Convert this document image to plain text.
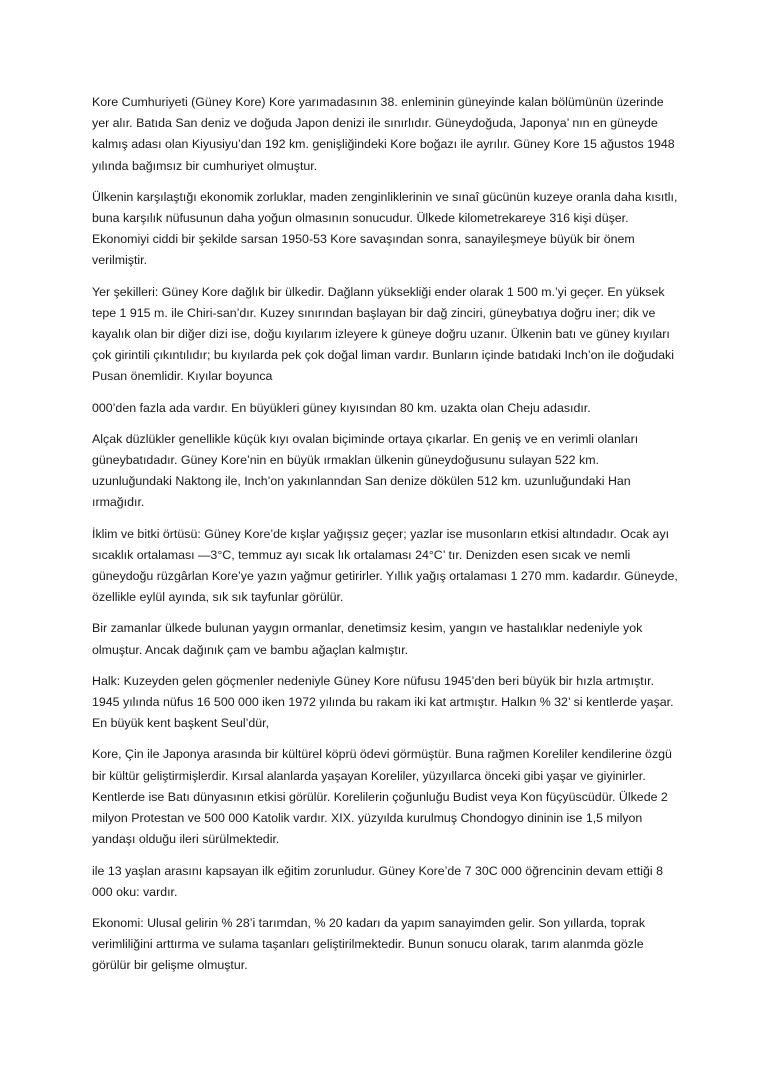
Kore Cumhuriyeti (Güney Kore) Kore yarımadasının 38. enleminin güneyinde kalan bölümünün üzerinde yer alır. Batıda San deniz ve doğuda Japon denizi ile sınırlıdır. Güneydoğuda, Japonya’ nın en güneyde kalmış adası olan Kiyusiyu’dan 192 km. genişliğindeki Kore boğazı ile ayrılır. Güney Kore 15 ağustos 1948 yılında bağımsız bir cumhuriyet olmuştur.

Ülkenin karşılaştığı ekonomik zorluklar, maden zenginliklerinin ve sınaî gücünün kuzeye oranla daha kısıtlı, buna karşılık nüfusunun daha yoğun olmasının sonucudur. Ülkede kilometrekareye 316 kişi düşer. Ekonomiyi ciddi bir şekilde sarsan 1950-53 Kore savaşından sonra, sanayileşmeye büyük bir önem verilmiştir.

Yer şekilleri: Güney Kore dağlık bir ülkedir. Dağlann yüksekliği ender olarak 1 500 m.’yi geçer. En yüksek tepe 1 915 m. ile Chiri-san’dır. Kuzey sınırından başlayan bir dağ zinciri, güneybatıya doğru iner; dik ve kayalık olan bir diğer dizi ise, doğu kıyılarım izleyere k güneye doğru uzanır. Ülkenin batı ve güney kıyıları çok girintili çıkıntılıdır; bu kıyılarda pek çok doğal liman vardır. Bunların içinde batıdaki Inch’on ile doğudaki Pusan önemlidir. Kıyılar boyunca

000’den fazla ada vardır. En büyükleri güney kıyısından 80 km. uzakta olan Cheju adasıdır.

Alçak düzlükler genellikle küçük kıyı ovalan biçiminde ortaya çıkarlar. En geniş ve en verimli olanları güneybatıdadır. Güney Kore’nin en büyük ırmaklan ülkenin güneydoğusunu sulayan 522 km. uzunluğundaki Naktong ile, Inch’on yakınlanndan San denize dökülen 512 km. uzunluğundaki Han ırmağıdır.

İklim ve bitki örtüsü: Güney Kore’de kışlar yağışsız geçer; yazlar ise musonların etkisi altındadır. Ocak ayı sıcaklık ortalaması —3°C, temmuz ayı sıcak lık ortalaması 24°C’ tır. Denizden esen sıcak ve nemli güneydoğu rüzgârlan Kore’ye yazın yağmur getirirler. Yıllık yağış ortalaması 1 270 mm. kadardır. Güneyde, özellikle eylül ayında, sık sık tayfunlar görülür.

Bir zamanlar ülkede bulunan yaygın ormanlar, denetimsiz kesim, yangın ve hastalıklar nedeniyle yok olmuştur. Ancak dağınık çam ve bambu ağaçlan kalmıştır.

Halk: Kuzeyden gelen göçmenler nedeniyle Güney Kore nüfusu 1945’den beri büyük bir hızla artmıştır. 1945 yılında nüfus 16 500 000 iken 1972 yılında bu rakam iki kat artmıştır. Halkın % 32’ si kentlerde yaşar. En büyük kent başkent Seul’dür,

Kore, Çin ile Japonya arasında bir kültürel köprü ödevi görmüştür. Buna rağmen Koreliler kendilerine özgü bir kültür geliştirmişlerdir. Kırsal alanlarda yaşayan Koreliler, yüzyıllarca önceki gibi yaşar ve giyinirler. Kentlerde ise Batı dünyasının etkisi görülür. Korelilerin çoğunluğu Budist veya Kon füçyüscüdür. Ülkede 2 milyon Protestan ve 500 000 Katolik vardır. XIX. yüzyılda kurulmuş Chondogyo dininin ise 1,5 milyon yandaşı olduğu ileri sürülmektedir.

ile 13 yaşlan arasını kapsayan ilk eğitim zorunludur. Güney Kore’de 7 30C 000 öğrencinin devam ettiği 8 000 oku: vardır.

Ekonomi: Ulusal gelirin % 28’i tarımdan, % 20 kadarı da yapım sanayimden gelir. Son yıllarda, toprak verimliliğini arttırma ve sulama taşanları geliştirilmektedir. Bunun sonucu olarak, tarım alanmda gözle görülür bir gelişme olmuştur.
